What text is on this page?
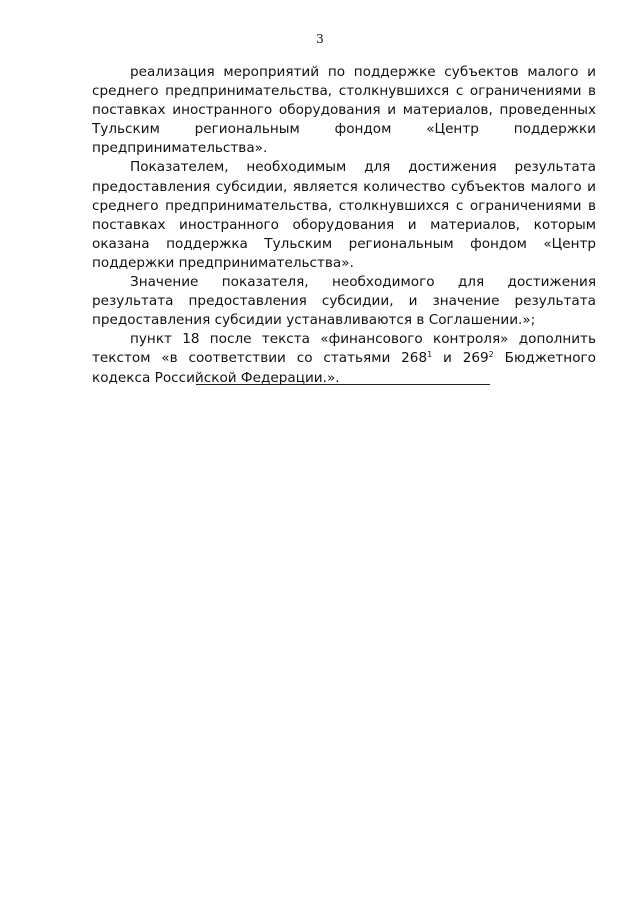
3

реализация мероприятий по поддержке субъектов малого и среднего предпринимательства, столкнувшихся с ограничениями в поставках иностранного оборудования и материалов, проведенных Тульским региональным фондом «Центр поддержки предпринимательства».

Показателем, необходимым для достижения результата предоставления субсидии, является количество субъектов малого и среднего предпринимательства, столкнувшихся с ограничениями в поставках иностранного оборудования и материалов, которым оказана поддержка Тульским региональным фондом «Центр поддержки предпринимательства».

Значение показателя, необходимого для достижения результата предоставления субсидии, и значение результата предоставления субсидии устанавливаются в Соглашении.»;

пункт 18 после текста «финансового контроля» дополнить текстом «в соответствии со статьями $268^1$ и $269^2$ Бюджетного кодекса Российской Федерации.».
